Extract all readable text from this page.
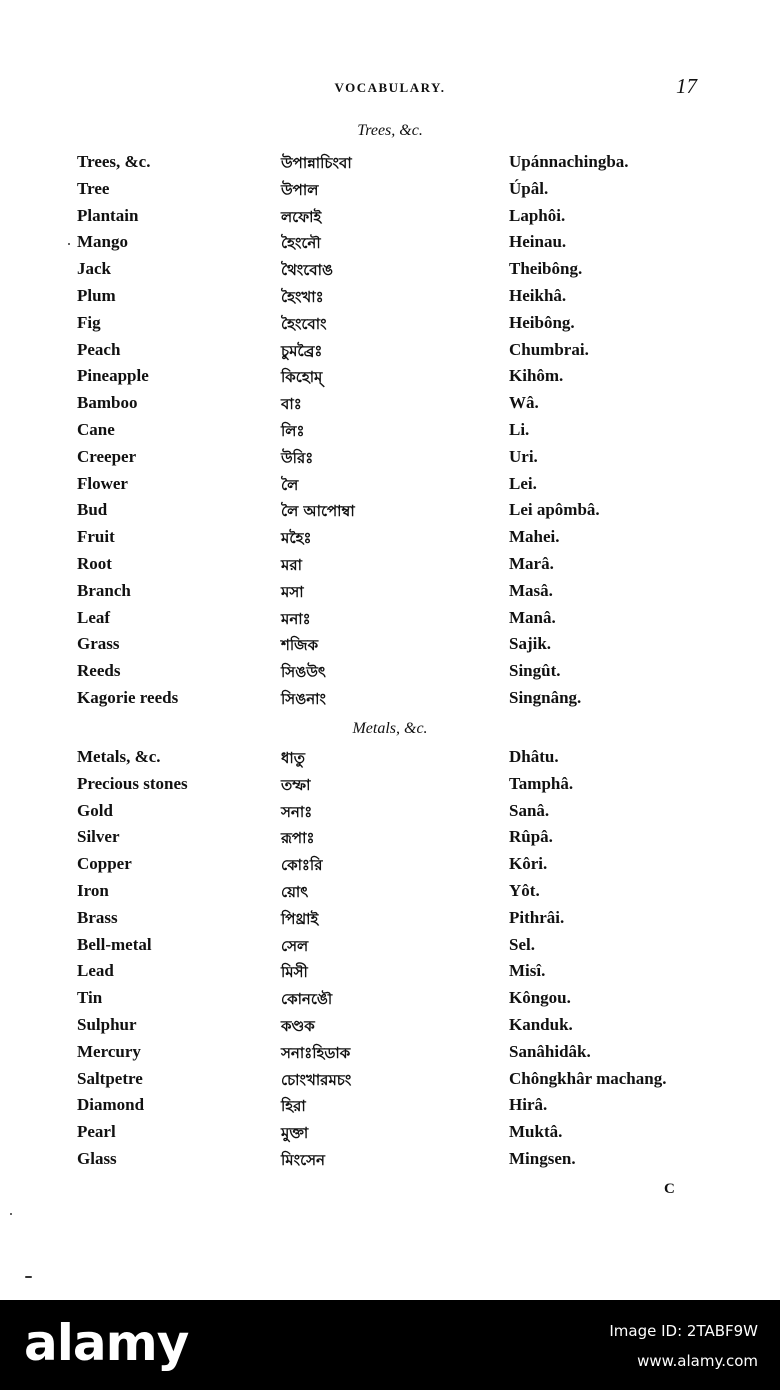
VOCABULARY.	17
Trees, &c.
Trees, &c.	উপান্নাচিংবা	Upánnachingba.
Tree	উপাল	Úpâl.
Plantain	লফোই	Laphôi.
Mango	হৈংনৌ	Heinau.
Jack	থৈংবোঙ	Theibông.
Plum	হৈংখাঃ	Heikhâ.
Fig	হৈংবোং	Heibông.
Peach	চুমব্রৈঃ	Chumbrai.
Pineapple	কিহোম্	Kihôm.
Bamboo	বাঃ	Wâ.
Cane	লিঃ	Li.
Creeper	উরিঃ	Uri.
Flower	লৈ	Lei.
Bud	লৈ আপোম্বা	Lei apômbâ.
Fruit	মহৈঃ	Mahei.
Root	মরা	Marâ.
Branch	মসা	Masâ.
Leaf	মনাঃ	Manâ.
Grass	শজিক	Sajik.
Reeds	সিঙউৎ	Singût.
Kagorie reeds	সিঙনাং	Singnâng.
Metals, &c.
Metals, &c.	ধাতু	Dhâtu.
Precious stones	তম্ফা	Tamphâ.
Gold	সনাঃ	Sanâ.
Silver	রূপাঃ	Rûpâ.
Copper	কোঃরি	Kôri.
Iron	য়োৎ	Yôt.
Brass	পিথ্রাই	Pithrâi.
Bell-metal	সেল	Sel.
Lead	মিসী	Misî.
Tin	কোনঙৌ	Kôngou.
Sulphur	কণ্ডক	Kanduk.
Mercury	সনাঃহিডাক	Sanâhidâk.
Saltpetre	চোংখারমচং	Chôngkhâr machang.
Diamond	হিরা	Hirâ.
Pearl	মুক্তা	Muktâ.
Glass	মিংসেন	Mingsen.
C
alamy	Image ID: 2TABF9W
www.alamy.com
